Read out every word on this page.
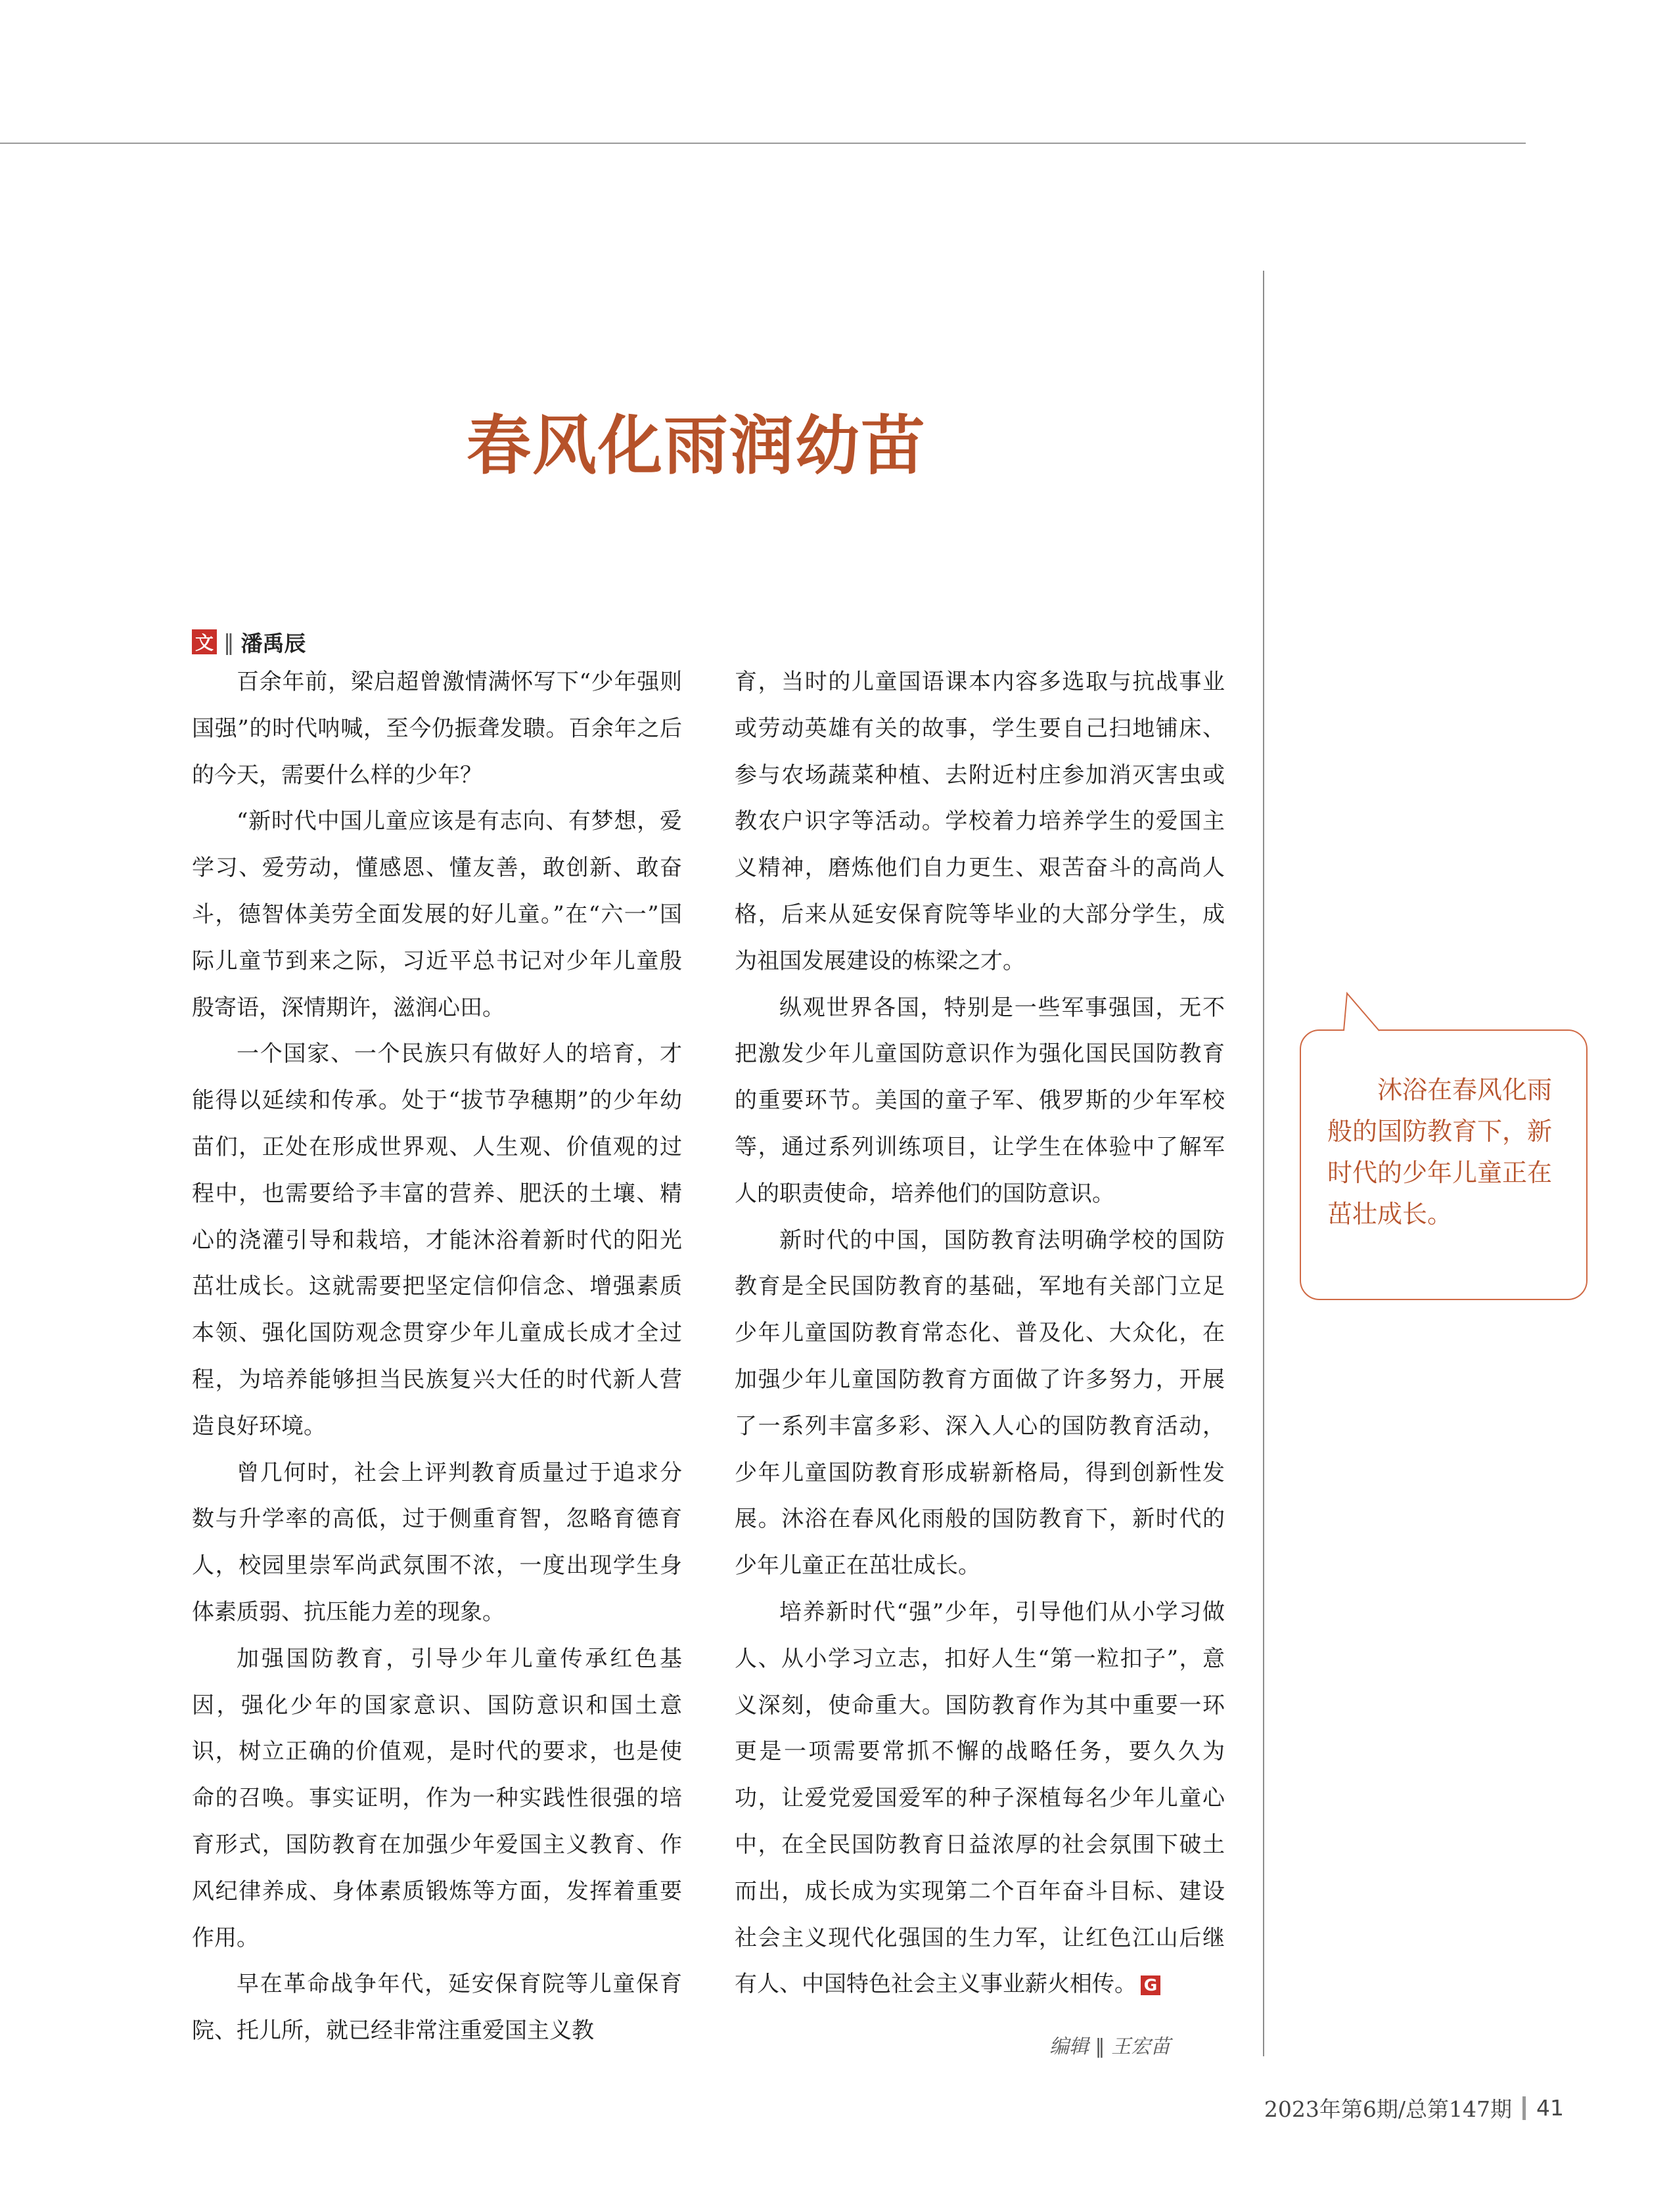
春风化雨润幼苗
文 ‖ 潘禹辰

百余年前，梁启超曾激情满怀写下“少年强则国强”的时代呐喊，至今仍振聋发聩。百余年之后的今天，需要什么样的少年？

“新时代中国儿童应该是有志向、有梦想，爱学习、爱劳动，懂感恩、懂友善，敢创新、敢奋斗，德智体美劳全面发展的好儿童。”在“六一”国际儿童节到来之际，习近平总书记对少年儿童殷殷寄语，深情期许，滋润心田。

一个国家、一个民族只有做好人的培育，才能得以延续和传承。处于“拔节孕穗期”的少年幼苗们，正处在形成世界观、人生观、价值观的过程中，也需要给予丰富的营养、肥沃的土壤、精心的浇灌引导和栽培，才能沐浴着新时代的阳光茁壮成长。这就需要把坚定信仰信念、增强素质本领、强化国防观念贯穿少年儿童成长成才全过程，为培养能够担当民族复兴大任的时代新人营造良好环境。

曾几何时，社会上评判教育质量过于追求分数与升学率的高低，过于侧重育智，忽略育德育人，校园里崇军尚武氛围不浓，一度出现学生身体素质弱、抗压能力差的现象。

加强国防教育，引导少年儿童传承红色基因，强化少年的国家意识、国防意识和国土意识，树立正确的价值观，是时代的要求，也是使命的召唤。事实证明，作为一种实践性很强的培育形式，国防教育在加强少年爱国主义教育、作风纪律养成、身体素质锻炼等方面，发挥着重要作用。

早在革命战争年代，延安保育院等儿童保育院、托儿所，就已经非常注重爱国主义教

育，当时的儿童国语课本内容多选取与抗战事业或劳动英雄有关的故事，学生要自己扫地铺床、参与农场蔬菜种植、去附近村庄参加消灭害虫或教农户识字等活动。学校着力培养学生的爱国主义精神，磨炼他们自力更生、艰苦奋斗的高尚人格，后来从延安保育院等毕业的大部分学生，成为祖国发展建设的栋梁之才。

纵观世界各国，特别是一些军事强国，无不把激发少年儿童国防意识作为强化国民国防教育的重要环节。美国的童子军、俄罗斯的少年军校等，通过系列训练项目，让学生在体验中了解军人的职责使命，培养他们的国防意识。

新时代的中国，国防教育法明确学校的国防教育是全民国防教育的基础，军地有关部门立足少年儿童国防教育常态化、普及化、大众化，在加强少年儿童国防教育方面做了许多努力，开展了一系列丰富多彩、深入人心的国防教育活动，少年儿童国防教育形成崭新格局，得到创新性发展。沐浴在春风化雨般的国防教育下，新时代的少年儿童正在茁壮成长。

培养新时代“强”少年，引导他们从小学习做人、从小学习立志，扣好人生“第一粒扣子”，意义深刻，使命重大。国防教育作为其中重要一环更是一项需要常抓不懈的战略任务，要久久为功，让爱党爱国爱军的种子深植每名少年儿童心中，在全民国防教育日益浓厚的社会氛围下破土而出，成长成为实现第二个百年奋斗目标、建设社会主义现代化强国的生力军，让红色江山后继有人、中国特色社会主义事业薪火相传。 G

沐浴在春风化雨般的国防教育下，新时代的少年儿童正在茁壮成长。

编辑 ‖ 王宏苗
2023年第6期/总第147期 41
